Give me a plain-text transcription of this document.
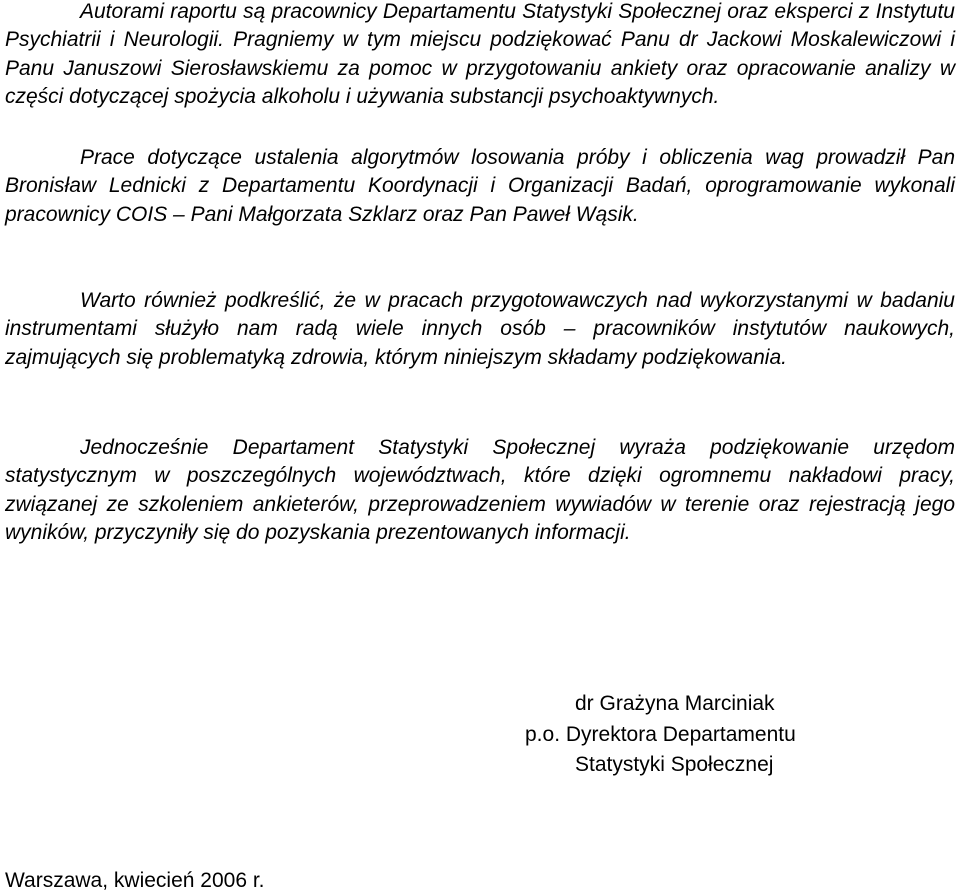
Autorami raportu są pracownicy Departamentu Statystyki Społecznej oraz eksperci z Instytutu Psychiatrii i Neurologii. Pragniemy w tym miejscu podziękować Panu dr Jackowi Moskalewiczowi i Panu Januszowi Sierosławskiemu za pomoc w przygotowaniu ankiety oraz opracowanie analizy w części dotyczącej spożycia alkoholu i używania substancji psychoaktywnych.

Prace dotyczące ustalenia algorytmów losowania próby i obliczenia wag prowadził Pan Bronisław Lednicki z Departamentu Koordynacji i Organizacji Badań, oprogramowanie wykonali pracownicy COIS – Pani Małgorzata Szklarz oraz Pan Paweł Wąsik.

Warto również podkreślić, że w pracach przygotowawczych nad wykorzystanymi w badaniu instrumentami służyło nam radą wiele innych osób – pracowników instytutów naukowych, zajmujących się problematyką zdrowia, którym niniejszym składamy podziękowania.

Jednocześnie Departament Statystyki Społecznej wyraża podziękowanie urzędom statystycznym w poszczególnych województwach, które dzięki ogromnemu nakładowi pracy, związanej ze szkoleniem ankieterów, przeprowadzeniem wywiadów w terenie oraz rejestracją jego wyników, przyczyniły się do pozyskania prezentowanych informacji.

dr Grażyna Marciniak
p.o. Dyrektora Departamentu
Statystyki Społecznej
Warszawa, kwiecień 2006 r.
